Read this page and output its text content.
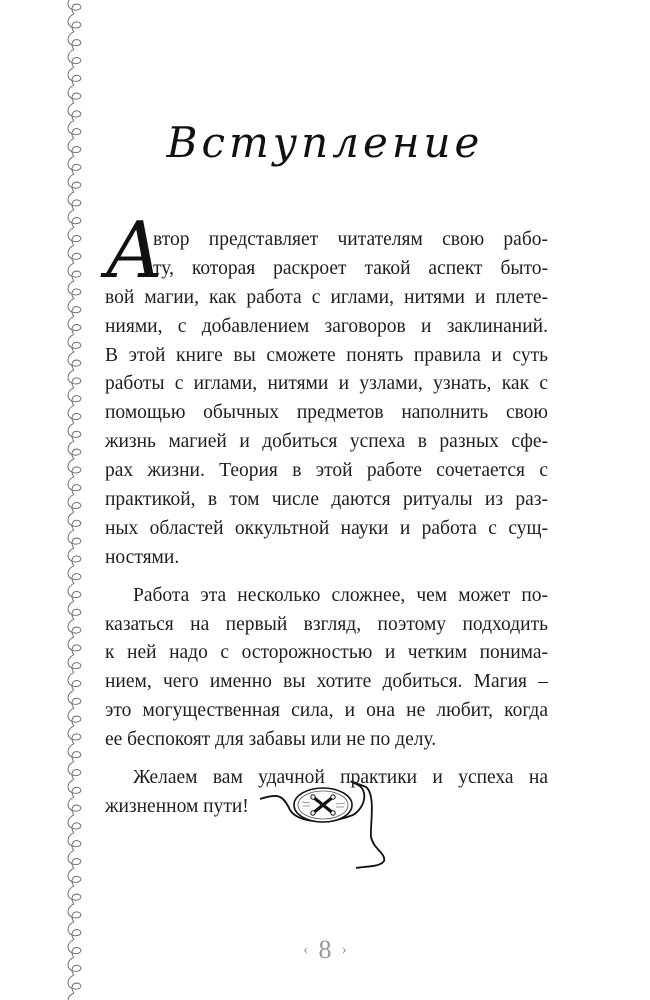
Вступление
А
втор представляет читателям свою рабо-
ту, которая раскроет такой аспект быто-
вой магии, как работа с иглами, нитями и плете-
ниями, с добавлением заговоров и заклинаний.
В этой книге вы сможете понять правила и суть
работы с иглами, нитями и узлами, узнать, как с
помощью обычных предметов наполнить свою
жизнь магией и добиться успеха в разных сфе-
рах жизни. Теория в этой работе сочетается с
практикой, в том числе даются ритуалы из раз-
ных областей оккультной науки и работа с сущ-
ностями.
Работа эта несколько сложнее, чем может по-
казаться на первый взгляд, поэтому подходить
к ней надо с осторожностью и четким понима-
нием, чего именно вы хотите добиться. Магия –
это могущественная сила, и она не любит, когда
ее беспокоят для забавы или не по делу.
Желаем вам удачной практики и успеха на
жизненном пути!
‹ 8 ›
